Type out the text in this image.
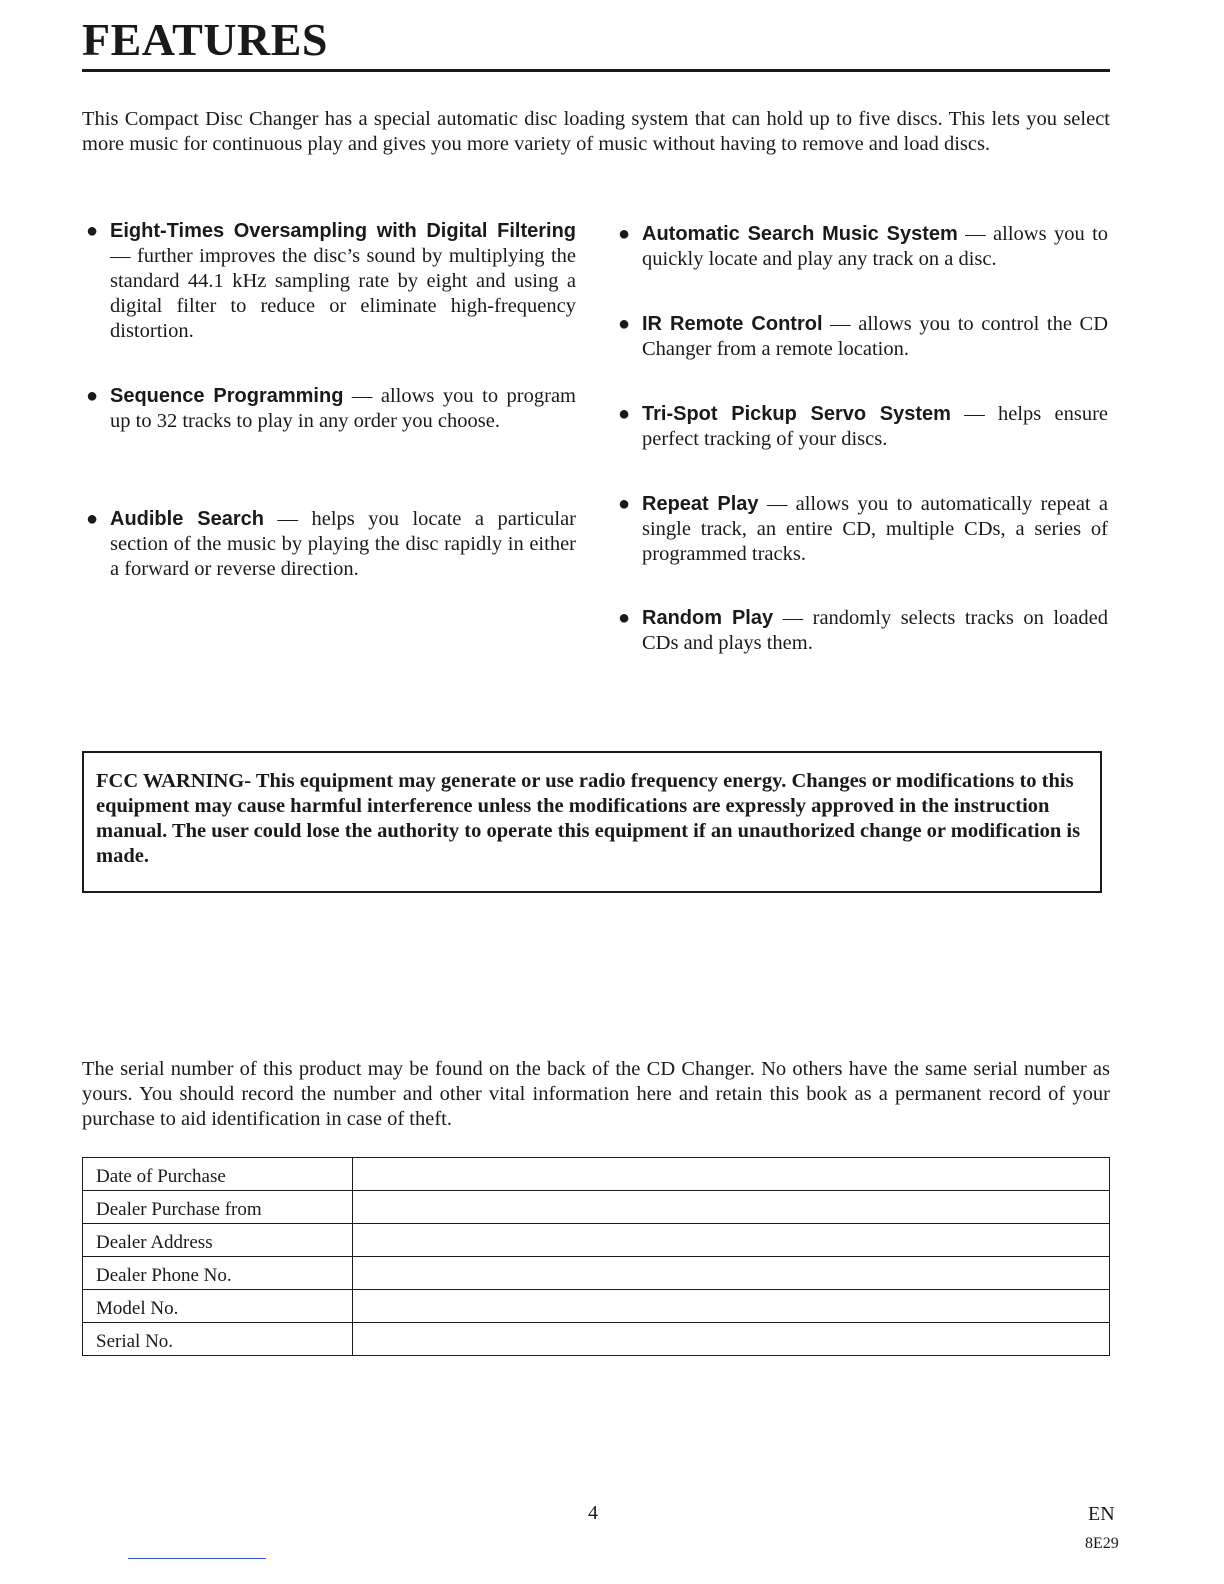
FEATURES

This Compact Disc Changer has a special automatic disc loading system that can hold up to five discs. This lets you select more music for continuous play and gives you more variety of music without having to remove and load discs.

● Eight-Times Oversampling with Digital Filtering — further improves the disc’s sound by multiplying the standard 44.1 kHz sampling rate by eight and using a digital filter to reduce or eliminate high-frequency distortion.
● Sequence Programming — allows you to program up to 32 tracks to play in any order you choose.
● Audible Search — helps you locate a particular section of the music by playing the disc rapidly in either a forward or reverse direction.
● Automatic Search Music System — allows you to quickly locate and play any track on a disc.
● IR Remote Control — allows you to control the CD Changer from a remote location.
● Tri-Spot Pickup Servo System — helps ensure perfect tracking of your discs.
● Repeat Play — allows you to automatically repeat a single track, an entire CD, multiple CDs, a series of programmed tracks.
● Random Play — randomly selects tracks on loaded CDs and plays them.
FCC WARNING- This equipment may generate or use radio frequency energy. Changes or modifications to this equipment may cause harmful interference unless the modifications are expressly approved in the instruction manual. The user could lose the authority to operate this equipment if an unauthorized change or modification is made.

The serial number of this product may be found on the back of the CD Changer. No others have the same serial number as yours. You should record the number and other vital information here and retain this book as a permanent record of your purchase to aid identification in case of theft.

Date of Purchase	
Dealer Purchase from	
Dealer Address	
Dealer Phone No.	
Model No.	
Serial No.	
4	EN
8E29
